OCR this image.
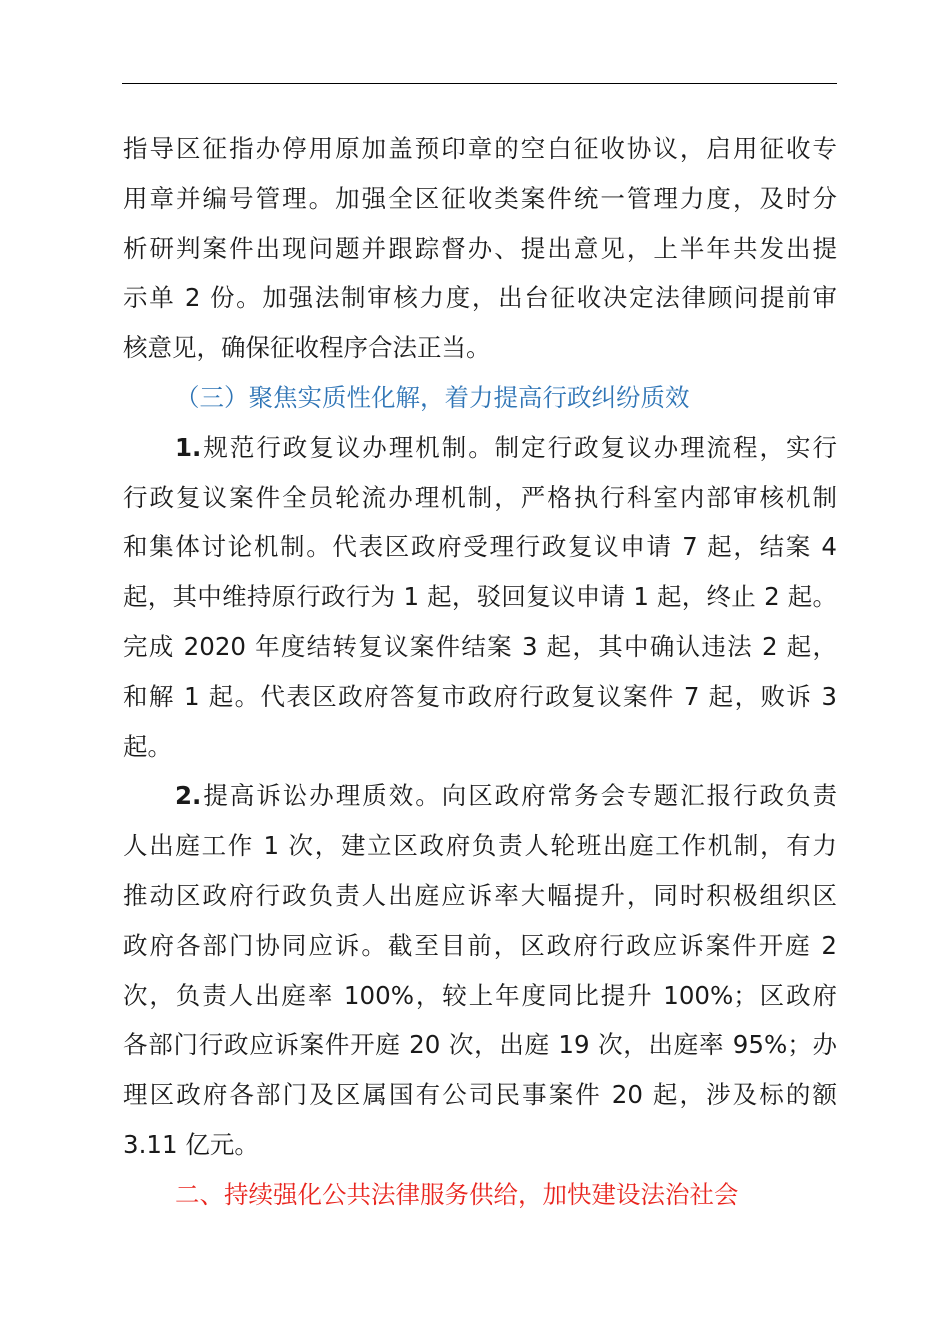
指导区征指办停用原加盖预印章的空白征收协议，启用征收专
用章并编号管理。加强全区征收类案件统一管理力度，及时分
析研判案件出现问题并跟踪督办、提出意见，上半年共发出提
示单 2 份。加强法制审核力度，出台征收决定法律顾问提前审
核意见，确保征收程序合法正当。
（三）聚焦实质性化解，着力提高行政纠纷质效
1.规范行政复议办理机制。制定行政复议办理流程，实行
行政复议案件全员轮流办理机制，严格执行科室内部审核机制
和集体讨论机制。代表区政府受理行政复议申请 7 起，结案 4
起，其中维持原行政行为 1 起，驳回复议申请 1 起，终止 2 起。
完成 2020 年度结转复议案件结案 3 起，其中确认违法 2 起，
和解 1 起。代表区政府答复市政府行政复议案件 7 起，败诉 3
起。
2.提高诉讼办理质效。向区政府常务会专题汇报行政负责
人出庭工作 1 次，建立区政府负责人轮班出庭工作机制，有力
推动区政府行政负责人出庭应诉率大幅提升，同时积极组织区
政府各部门协同应诉。截至目前，区政府行政应诉案件开庭 2
次，负责人出庭率 100%，较上年度同比提升 100%；区政府
各部门行政应诉案件开庭 20 次，出庭 19 次，出庭率 95%；办
理区政府各部门及区属国有公司民事案件 20 起，涉及标的额
3.11 亿元。
二、持续强化公共法律服务供给，加快建设法治社会
